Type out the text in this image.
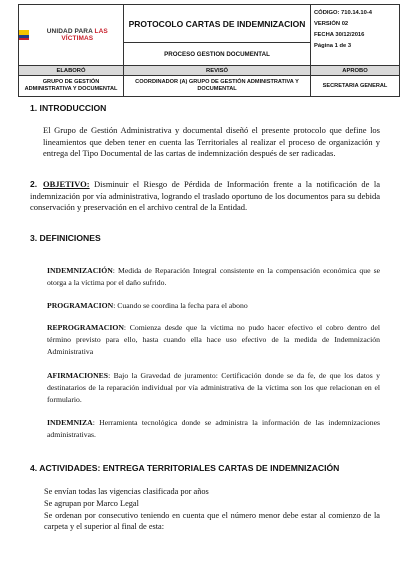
UNIDAD PARA LAS VÍCTIMAS	PROTOCOLO CARTAS DE INDEMNIZACION	CÓDIGO: 710.14.10-4
VERSIÓN 02
FECHA 30/12/2016
Página 1 de 3

	PROCESO GESTION DOCUMENTAL	
ELABORÓ	REVISÓ	APROBO
GRUPO DE GESTIÓN ADMINISTRATIVA Y DOCUMENTAL	COORDINADOR (A) GRUPO DE GESTIÓN ADMINISTRATIVA Y DOCUMENTAL	SECRETARIA GENERAL
1. INTRODUCCION
El Grupo de Gestión Administrativa y documental diseñó el presente protocolo que define los lineamientos que deben tener en cuenta las Territoriales al realizar el proceso de organización y entrega del Tipo Documental de las cartas de indemnización después de ser radicadas.
2. OBJETIVO: Disminuir el Riesgo de Pérdida de Información frente a la notificación de la indemnización por vía administrativa, logrando el traslado oportuno de los documentos para su debida conservación y preservación en el archivo central de la Entidad.
3. DEFINICIONES
INDEMNIZACIÓN: Medida de Reparación Integral consistente en la compensación económica que se otorga a la víctima por el daño sufrido.
PROGRAMACION: Cuando se coordina la fecha para el abono
REPROGRAMACION: Comienza desde que la víctima no pudo hacer efectivo el cobro dentro del término previsto para ello, hasta cuando ella hace uso efectivo de la medida de Indemnización Administrativa
AFIRMACIONES: Bajo la Gravedad de juramento: Certificación donde se da fe, de que los datos y destinatarios de la reparación individual por vía administrativa de la víctima son los que relacionan en el formulario.
INDEMNIZA: Herramienta tecnológica donde se administra la información de las indemnizaciones administrativas.
4. ACTIVIDADES: ENTREGA TERRITORIALES CARTAS DE INDEMNIZACIÓN
Se envían todas las vigencias clasificada por años
Se agrupan por Marco Legal
Se ordenan por consecutivo teniendo en cuenta que el número menor debe estar al comienzo de la carpeta y el superior al final de esta:
